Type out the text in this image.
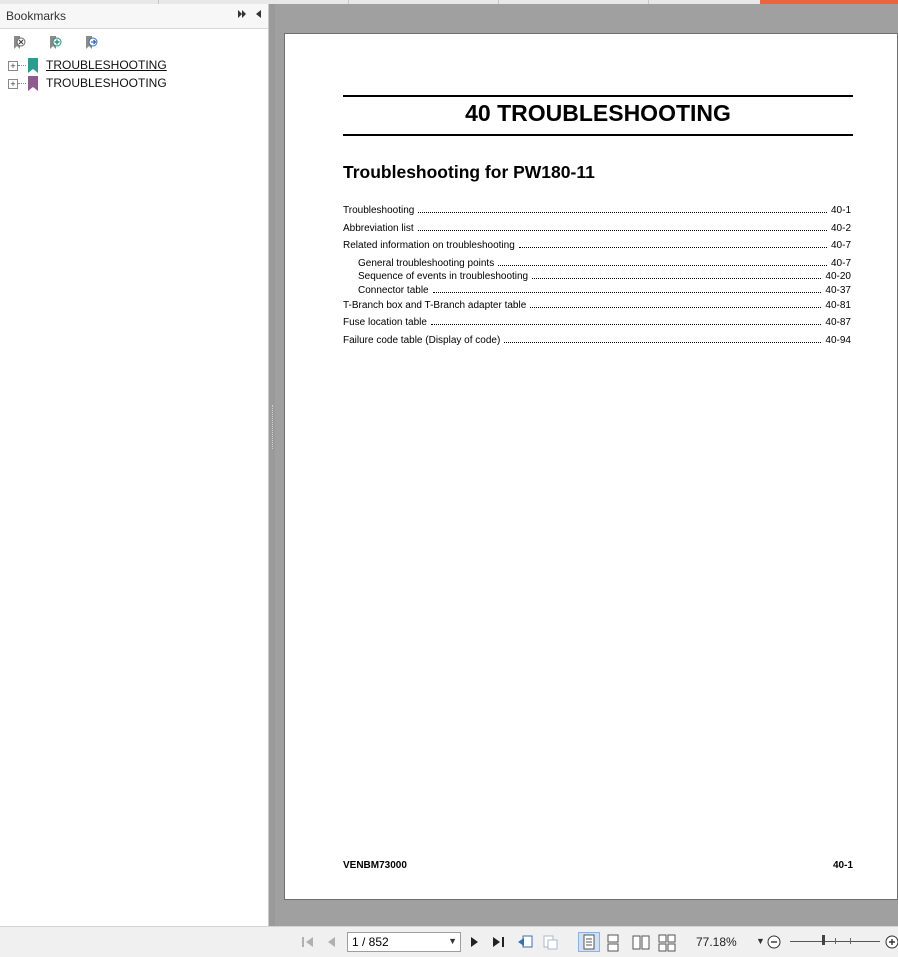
Bookmarks
+	TROUBLESHOOTING
+	TROUBLESHOOTING
40 TROUBLESHOOTING
Troubleshooting for PW180-11
Troubleshooting	40-1
Abbreviation list	40-2
Related information on troubleshooting	40-7
General troubleshooting points	40-7
Sequence of events in troubleshooting	40-20
Connector table	40-37
T-Branch box and T-Branch adapter table	40-81
Fuse location table	40-87
Failure code table (Display of code)	40-94
VENBM73000	40-1
1 / 852	▼	77.18% ▼
